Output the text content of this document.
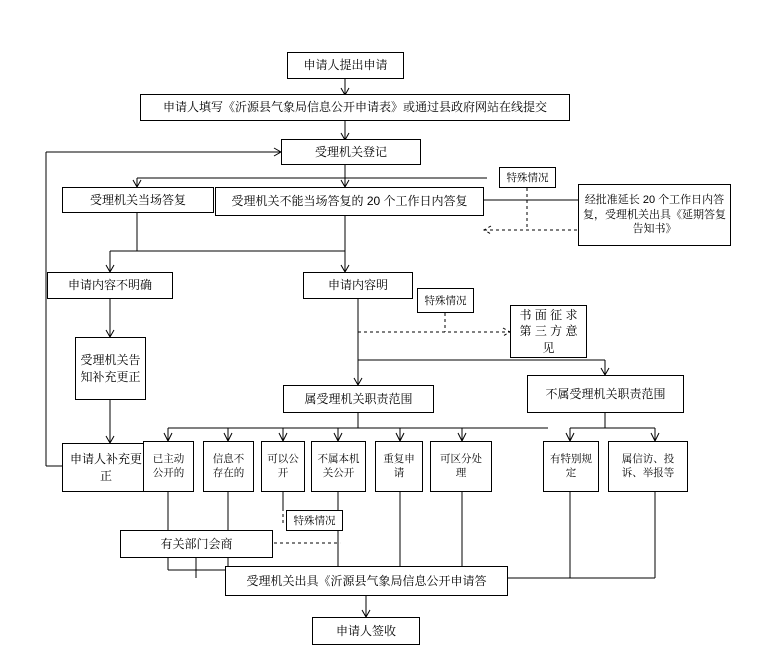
申请人提出申请
申请人填写《沂源县气象局信息公开申请表》或通过县政府网站在线提交
受理机关登记
受理机关当场答复	受理机关不能当场答复的 20 个工作日内答复
特殊情况
经批准延长 20 个工作日内答复，受理机关出具《延期答复告知书》
申请内容不明确	申请内容明
特殊情况
书 面 征 求 第 三 方 意 见
受理机关告知补充更正
申请人补充更正
属受理机关职责范围	不属受理机关职责范围
已主动公开的
信息不存在的
可以公开
不属本机关公开
重复申请
可区分处理
有特别规定
属信访、投诉、举报等
特殊情况
有关部门会商
受理机关出具《沂源县气象局信息公开申请答
申请人签收
